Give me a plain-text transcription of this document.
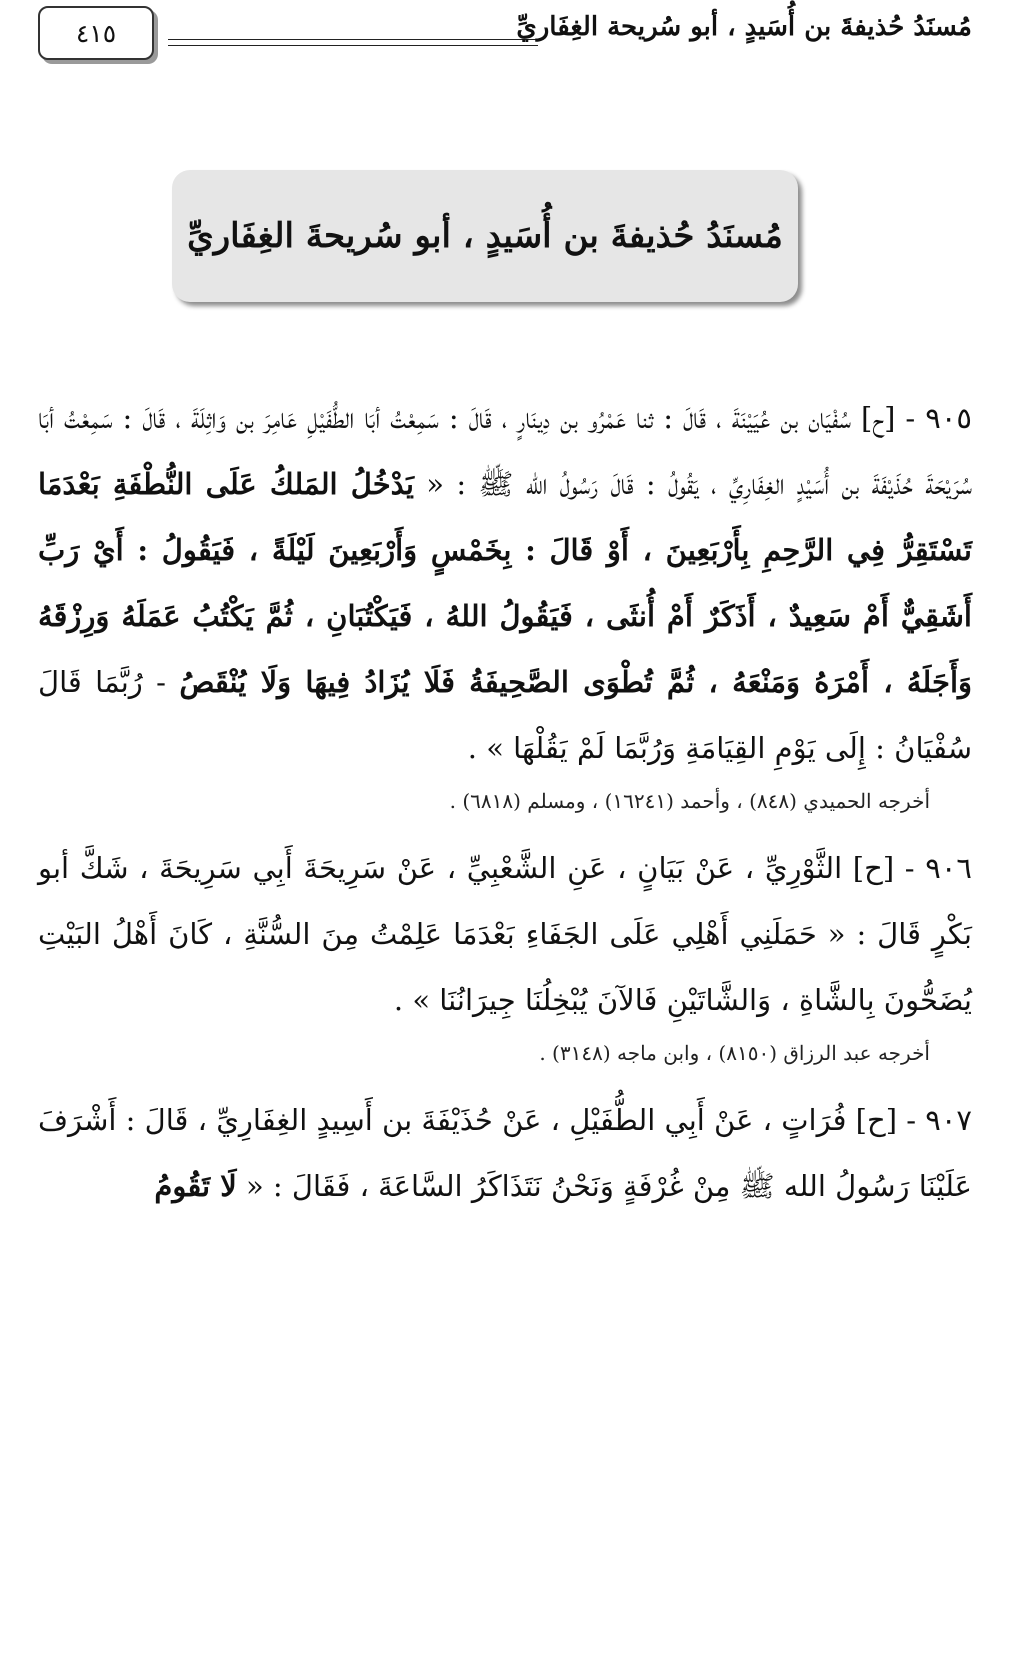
٤١٥	مُسنَدُ حُذيفةَ بن أُسَيدٍ ، أبو سُريحة الغِفَاريِّ
مُسنَدُ حُذيفةَ بن أُسَيدٍ ، أبو سُريحةَ الغِفَاريِّ

٩٠٥ - [ح] سُفْيَان بن عُيَيْنَةَ ، قَالَ : ثنا عَمْرُو بن دِينَارٍ ، قَالَ : سَمِعْتُ أبَا الطُّفَيْلِ عَامِرَ بن وَاثِلَةَ ، قَالَ : سَمِعْتُ أبَا سُرَيْحَةَ حُذَيْفَةَ بن أُسَيْدٍ الغِفَارِيِّ ، يَقُولُ : قَالَ رَسُولُ الله ﷺ : « يَدْخُلُ المَلكُ عَلَى النُّطْفَةِ بَعْدَمَا تَسْتَقِرُّ فِي الرَّحِمِ بِأَرْبَعِينَ ، أَوْ قَالَ : بِخَمْسٍ وَأَرْبَعِينَ لَيْلَةً ، فَيَقُولُ : أَيْ رَبِّ أَشَقِيٌّ أَمْ سَعِيدٌ ، أَذَكَرٌ أَمْ أُنثَى ، فَيَقُولُ اللهُ ، فَيَكْتُبَانِ ، ثُمَّ يَكْتُبُ عَمَلَهُ وَرِزْقَهُ وَأَجَلَهُ ، أَمْرَهُ وَمَنْعَهُ ، ثُمَّ تُطْوَى الصَّحِيفَةُ فَلَا يُزَادُ فِيهَا وَلَا يُنْقَصُ - رُبَّمَا قَالَ سُفْيَانُ : إِلَى يَوْمِ القِيَامَةِ وَرُبَّمَا لَمْ يَقُلْهَا » .

أخرجه الحميدي (٨٤٨) ، وأحمد (١٦٢٤١) ، ومسلم (٦٨١٨) .

٩٠٦ - [ح] الثَّوْرِيِّ ، عَنْ بَيَانٍ ، عَنِ الشَّعْبِيِّ ، عَنْ سَرِيحَةَ أَبِي سَرِيحَةَ ، شَكَّ أبو بَكْرٍ قَالَ : « حَمَلَنِي أَهْلِي عَلَى الجَفَاءِ بَعْدَمَا عَلِمْتُ مِنَ السُّنَّةِ ، كَانَ أَهْلُ البَيْتِ يُضَحُّونَ بِالشَّاةِ ، وَالشَّاتَيْنِ فَالآنَ يُبْخِلُنَا جِيرَانُنَا » .

أخرجه عبد الرزاق (٨١٥٠) ، وابن ماجه (٣١٤٨) .

٩٠٧ - [ح] فُرَاتٍ ، عَنْ أَبِي الطُّفَيْلِ ، عَنْ حُذَيْفَةَ بن أَسِيدٍ الغِفَارِيِّ ، قَالَ : أَشْرَفَ عَلَيْنَا رَسُولُ الله ﷺ مِنْ غُرْفَةٍ وَنَحْنُ نَتَذَاكَرُ السَّاعَةَ ، فَقَالَ : « لَا تَقُومُ
